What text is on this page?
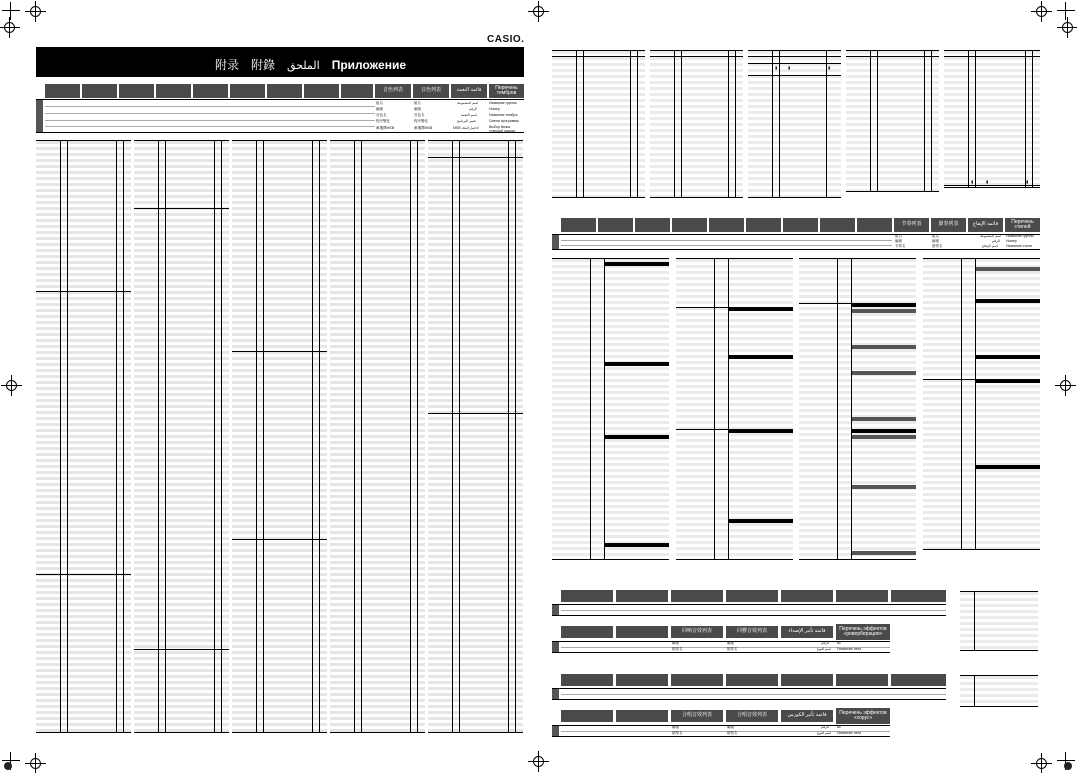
CASIO.
附录 附錄 الملحق Приложение
音色列表	音色列表	قائمة النغمة	Перечень тембров
組名	組名	اسم المجموعة	Название группы
編號	編號	الرقم	Номер
音色名	音色名	اسم النغمة	Название тембра
程序變化	程序變化	تغيير البرنامج	Смена программы
庫選擇MSB	庫選擇MSB	MSB لاختيار البنك	Выбор банка, старший разряд
▮	▮	▮
▮	▮	▮
节奏列表	節奏列表	قائمة الإيقاع	Перечень стилей
組名	組名	اسم المجموعة Название группы
編號	編號	الرقم Номер
节奏名	節奏名	اسم الإيقاع Название стиля
回响音效列表	回響音效列表	قائمة تأثير الإصداء	Перечень эффектов «реверберация»
編號	編號	الرقم №
類型名	類型名	اسم النوع Название типа
合唱音效列表	合唱音效列表	قائمة تأثير الكورس	Перечень эффектов «хорус»
編號	編號	الرقم №
類型名	類型名	اسم النوع Название типа
